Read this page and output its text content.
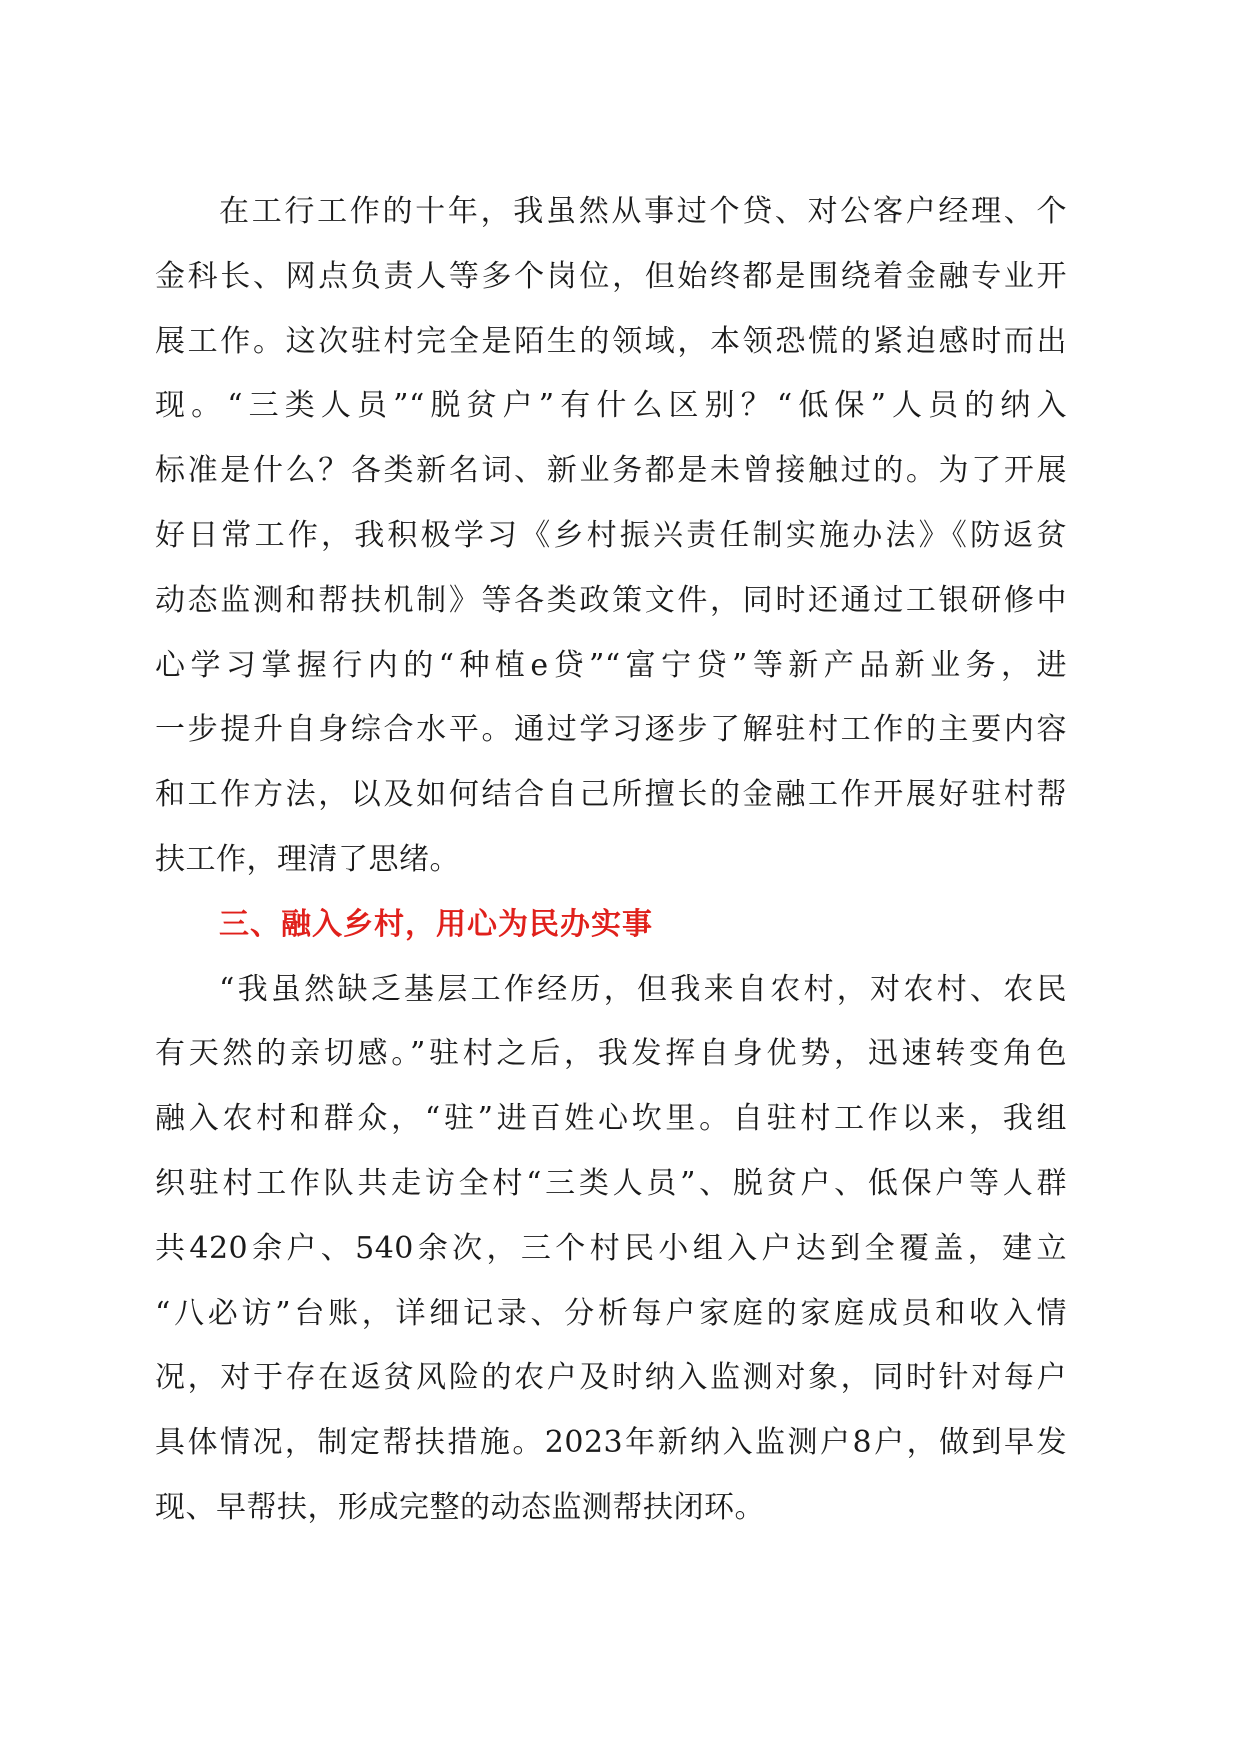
在工行工作的十年，我虽然从事过个贷、对公客户经理、个
金科长、网点负责人等多个岗位，但始终都是围绕着金融专业开
展工作。这次驻村完全是陌生的领域，本领恐慌的紧迫感时而出
现。“三类人员”“脱贫户”有什么区别？“低保”人员的纳入
标准是什么？各类新名词、新业务都是未曾接触过的。为了开展
好日常工作，我积极学习《乡村振兴责任制实施办法》《防返贫
动态监测和帮扶机制》等各类政策文件，同时还通过工银研修中
心学习掌握行内的“种植e贷”“富宁贷”等新产品新业务，进
一步提升自身综合水平。通过学习逐步了解驻村工作的主要内容
和工作方法，以及如何结合自己所擅长的金融工作开展好驻村帮
扶工作，理清了思绪。
三、融入乡村，用心为民办实事
“我虽然缺乏基层工作经历，但我来自农村，对农村、农民
有天然的亲切感。”驻村之后，我发挥自身优势，迅速转变角色
融入农村和群众，“驻”进百姓心坎里。自驻村工作以来，我组
织驻村工作队共走访全村“三类人员”、脱贫户、低保户等人群
共420余户、540余次，三个村民小组入户达到全覆盖，建立
“八必访”台账，详细记录、分析每户家庭的家庭成员和收入情
况，对于存在返贫风险的农户及时纳入监测对象，同时针对每户
具体情况，制定帮扶措施。2023年新纳入监测户8户，做到早发
现、早帮扶，形成完整的动态监测帮扶闭环。
